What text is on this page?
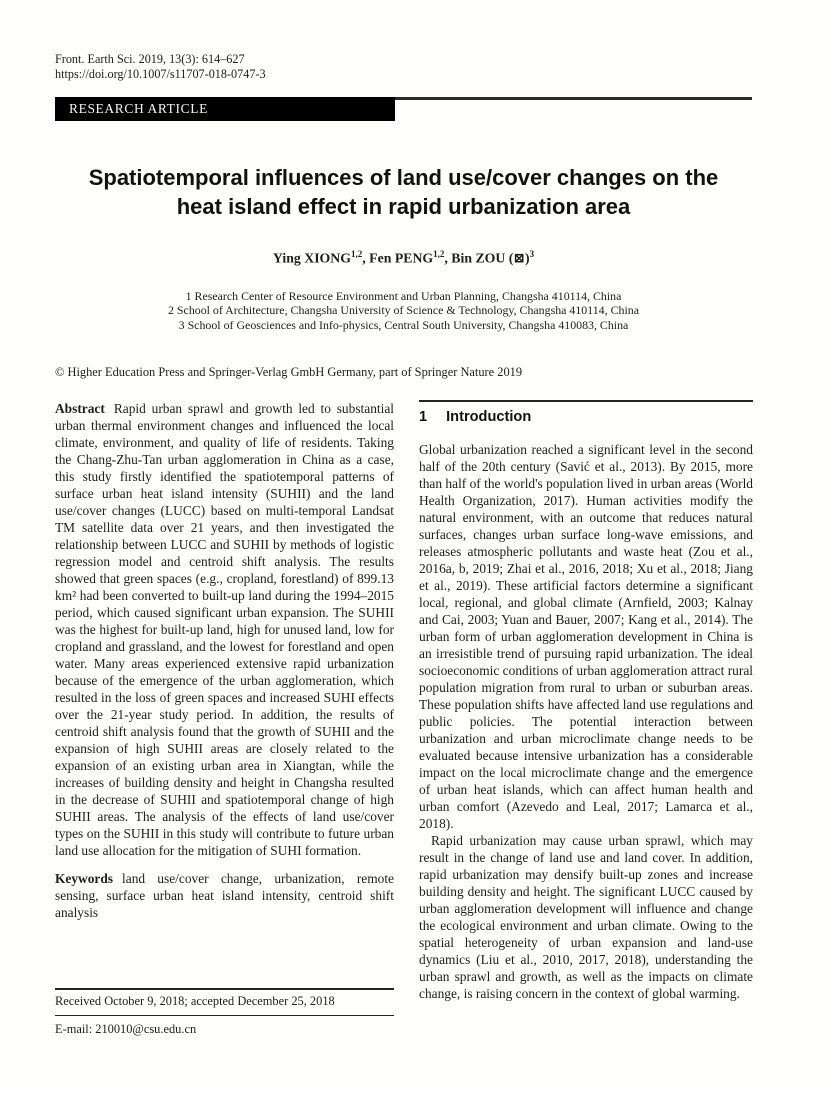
Front. Earth Sci. 2019, 13(3): 614–627
https://doi.org/10.1007/s11707-018-0747-3
RESEARCH ARTICLE
Spatiotemporal influences of land use/cover changes on the
heat island effect in rapid urbanization area
Ying XIONG$^{1,2}$, Fen PENG$^{1,2}$, Bin ZOU (⊠)$^3$
1 Research Center of Resource Environment and Urban Planning, Changsha 410114, China
2 School of Architecture, Changsha University of Science & Technology, Changsha 410114, China
3 School of Geosciences and Info-physics, Central South University, Changsha 410083, China
© Higher Education Press and Springer-Verlag GmbH Germany, part of Springer Nature 2019

Abstract Rapid urban sprawl and growth led to substantial urban thermal environment changes and influenced the local climate, environment, and quality of life of residents. Taking the Chang-Zhu-Tan urban agglomeration in China as a case, this study firstly identified the spatiotemporal patterns of surface urban heat island intensity (SUHII) and the land use/cover changes (LUCC) based on multi-temporal Landsat TM satellite data over 21 years, and then investigated the relationship between LUCC and SUHII by methods of logistic regression model and centroid shift analysis. The results showed that green spaces (e.g., cropland, forestland) of 899.13 km² had been converted to built-up land during the 1994–2015 period, which caused significant urban expansion. The SUHII was the highest for built-up land, high for unused land, low for cropland and grassland, and the lowest for forestland and open water. Many areas experienced extensive rapid urbanization because of the emergence of the urban agglomeration, which resulted in the loss of green spaces and increased SUHI effects over the 21-year study period. In addition, the results of centroid shift analysis found that the growth of SUHII and the expansion of high SUHII areas are closely related to the expansion of an existing urban area in Xiangtan, while the increases of building density and height in Changsha resulted in the decrease of SUHII and spatiotemporal change of high SUHII areas. The analysis of the effects of land use/cover types on the SUHII in this study will contribute to future urban land use allocation for the mitigation of SUHI formation.

Keywords land use/cover change, urbanization, remote sensing, surface urban heat island intensity, centroid shift analysis

Received October 9, 2018; accepted December 25, 2018
E-mail: 210010@csu.edu.cn
1 Introduction

Global urbanization reached a significant level in the second half of the 20th century (Savić et al., 2013). By 2015, more than half of the world's population lived in urban areas (World Health Organization, 2017). Human activities modify the natural environment, with an outcome that reduces natural surfaces, changes urban surface long-wave emissions, and releases atmospheric pollutants and waste heat (Zou et al., 2016a, b, 2019; Zhai et al., 2016, 2018; Xu et al., 2018; Jiang et al., 2019). These artificial factors determine a significant local, regional, and global climate (Arnfield, 2003; Kalnay and Cai, 2003; Yuan and Bauer, 2007; Kang et al., 2014). The urban form of urban agglomeration development in China is an irresistible trend of pursuing rapid urbanization. The ideal socioeconomic conditions of urban agglomeration attract rural population migration from rural to urban or suburban areas. These population shifts have affected land use regulations and public policies. The potential interaction between urbanization and urban microclimate change needs to be evaluated because intensive urbanization has a considerable impact on the local microclimate change and the emergence of urban heat islands, which can affect human health and urban comfort (Azevedo and Leal, 2017; Lamarca et al., 2018).

Rapid urbanization may cause urban sprawl, which may result in the change of land use and land cover. In addition, rapid urbanization may densify built-up zones and increase building density and height. The significant LUCC caused by urban agglomeration development will influence and change the ecological environment and urban climate. Owing to the spatial heterogeneity of urban expansion and land-use dynamics (Liu et al., 2010, 2017, 2018), understanding the urban sprawl and growth, as well as the impacts on climate change, is raising concern in the context of global warming.
